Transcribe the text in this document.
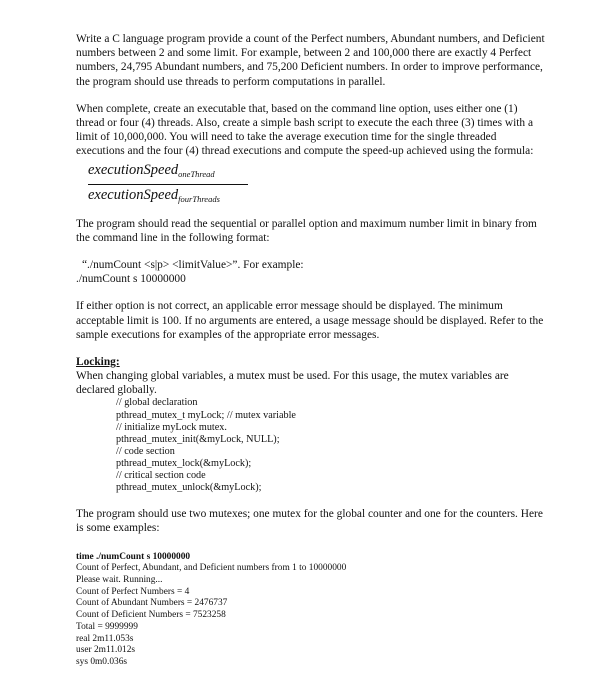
Write a C language program provide a count of the Perfect numbers, Abundant numbers, and Deficient numbers between 2 and some limit. For example, between 2 and 100,000 there are exactly 4 Perfect numbers, 24,795 Abundant numbers, and 75,200 Deficient numbers. In order to improve performance, the program should use threads to perform computations in parallel.

When complete, create an executable that, based on the command line option, uses either one (1) thread or four (4) threads. Also, create a simple bash script to execute the each three (3) times with a limit of 10,000,000. You will need to take the average execution time for the single threaded executions and the four (4) thread executions and compute the speed-up achieved using the formula:

executionSpeed$_{oneThread}$
executionSpeed$_{fourThreads}$

The program should read the sequential or parallel option and maximum number limit in binary from the command line in the following format:

“./numCount <s|p> <limitValue>”. For example:

./numCount s 10000000

If either option is not correct, an applicable error message should be displayed. The minimum acceptable limit is 100. If no arguments are entered, a usage message should be displayed. Refer to the sample executions for examples of the appropriate error messages.

Locking:

When changing global variables, a mutex must be used. For this usage, the mutex variables are declared globally.

// global declaration
pthread_mutex_t myLock; // mutex variable
// initialize myLock mutex.
pthread_mutex_init(&myLock, NULL);
// code section
pthread_mutex_lock(&myLock);
// critical section code
pthread_mutex_unlock(&myLock);

The program should use two mutexes; one mutex for the global counter and one for the counters. Here is some examples:

time ./numCount s 10000000
Count of Perfect, Abundant, and Deficient numbers from 1 to 10000000
Please wait. Running...
Count of Perfect Numbers = 4
Count of Abundant Numbers = 2476737
Count of Deficient Numbers = 7523258
Total = 9999999
real 2m11.053s
user 2m11.012s
sys 0m0.036s
